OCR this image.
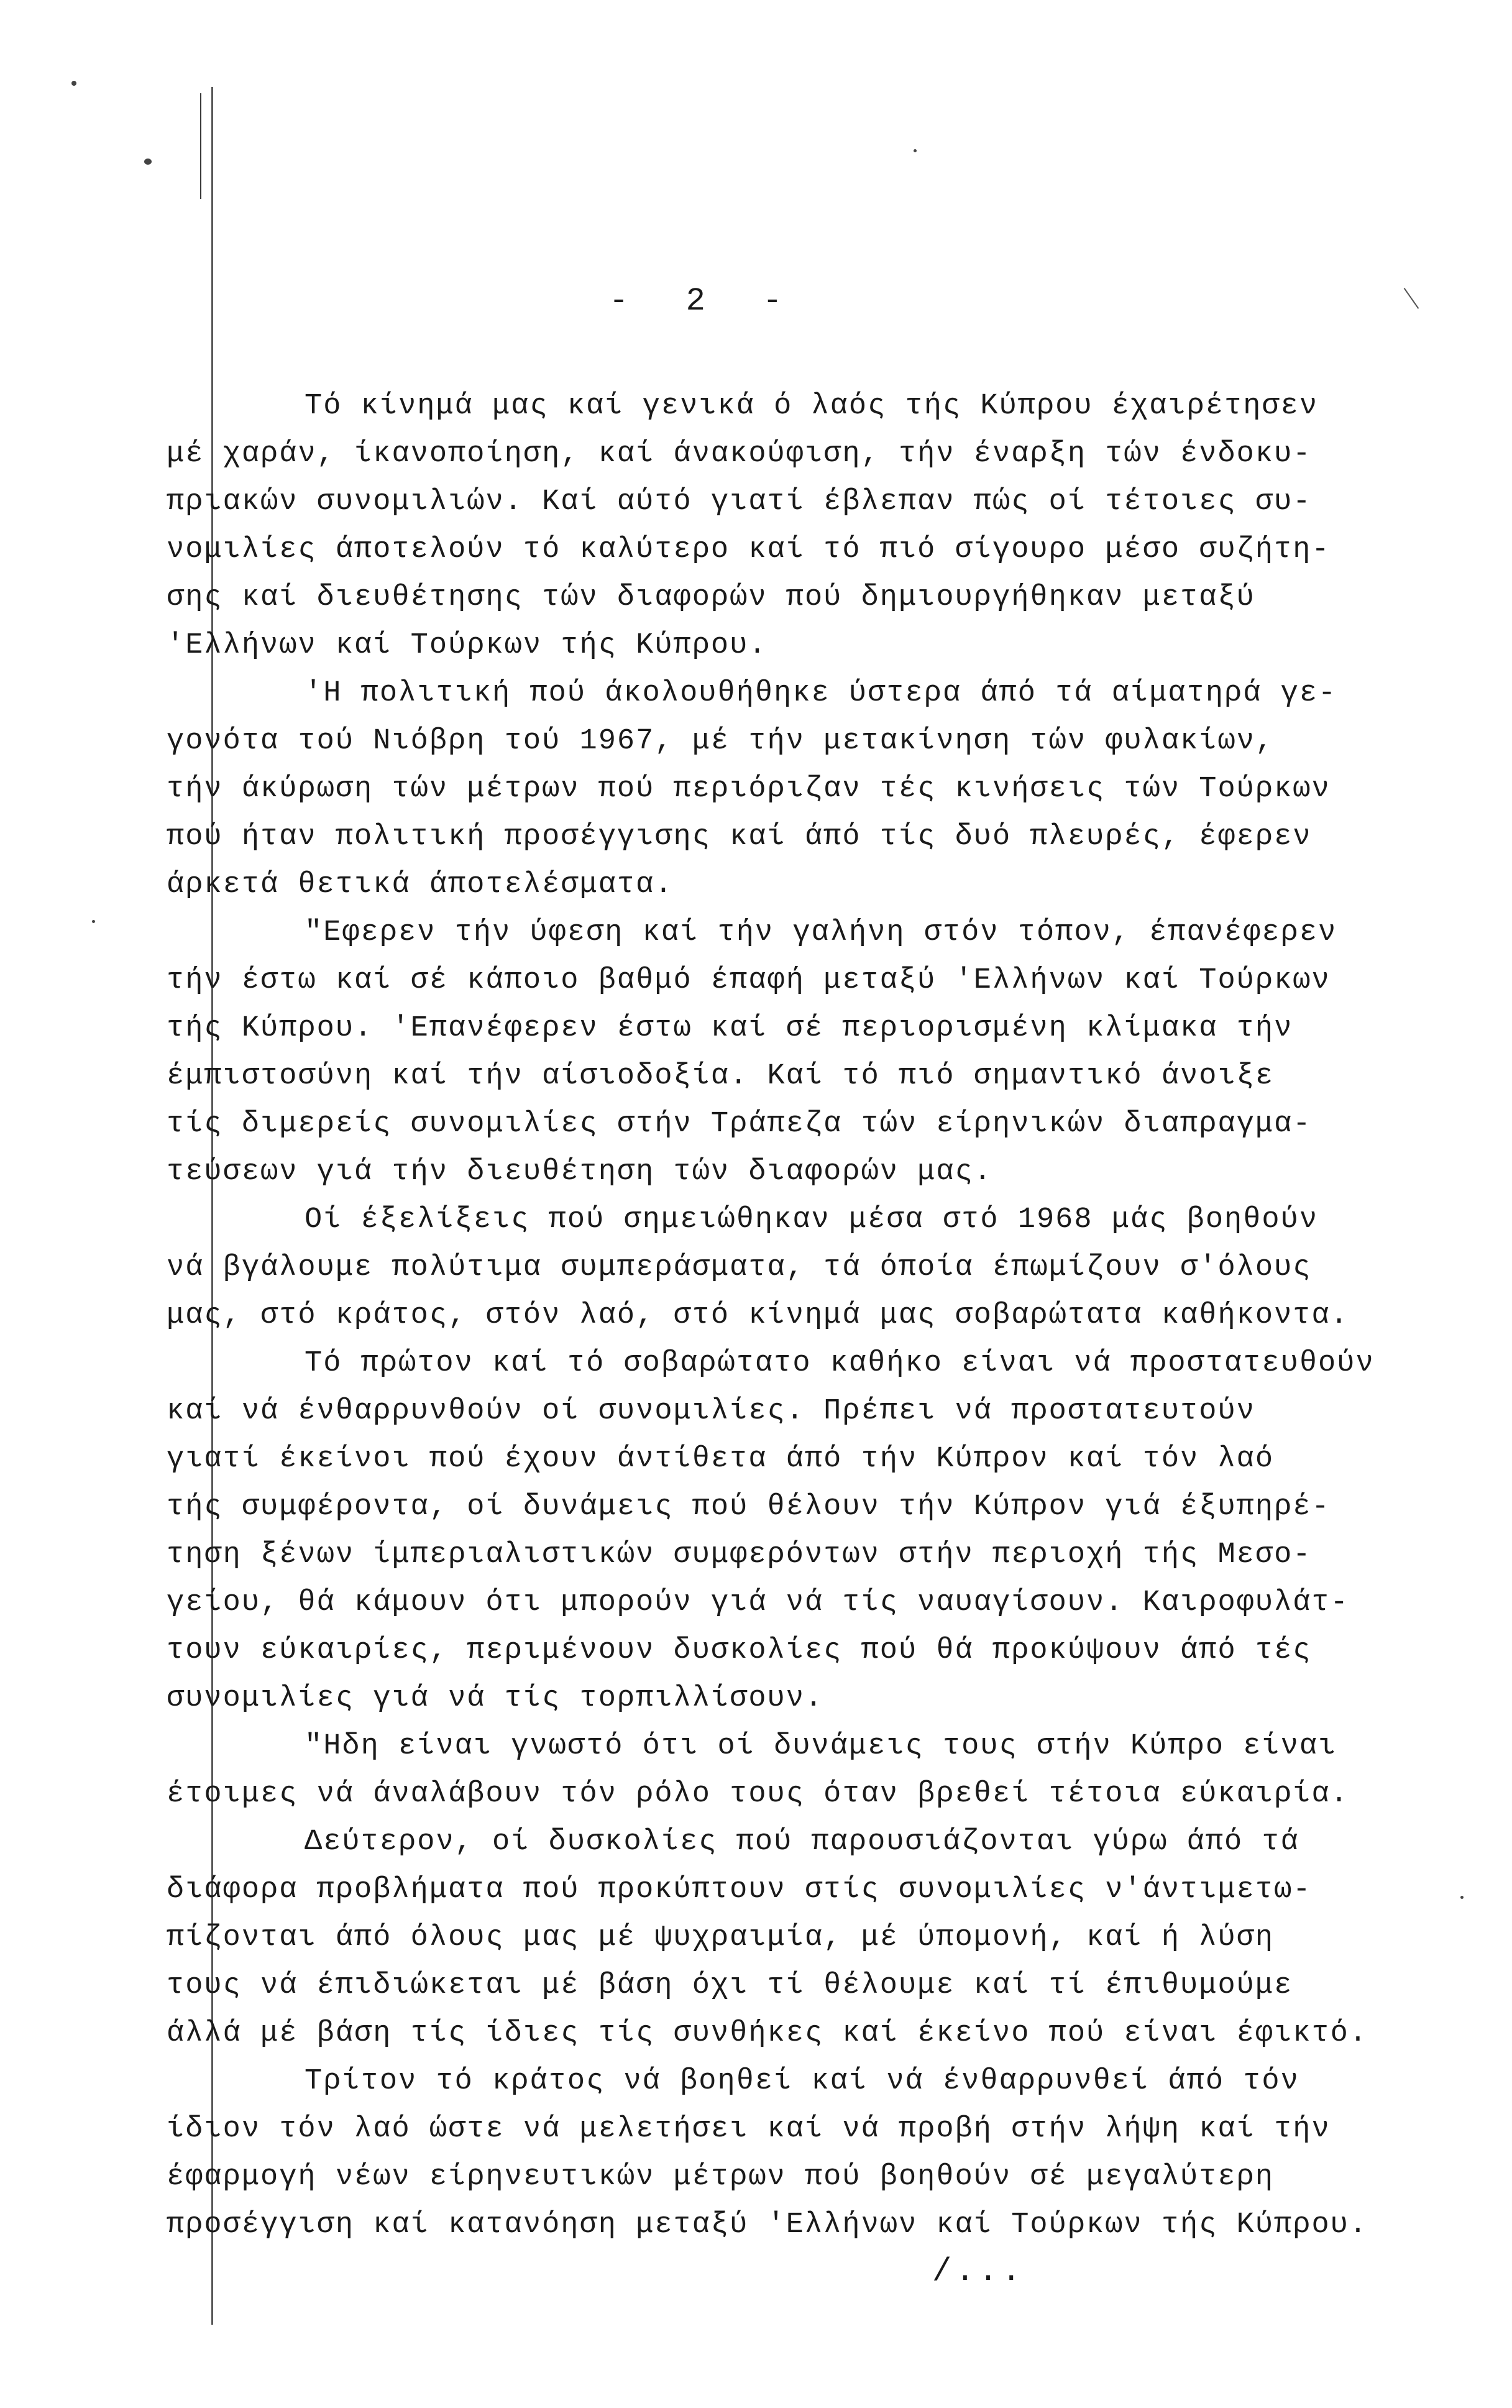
-  2  -
Τό κίνημά μας καί γενικά ό λαός τής Κύπρου έχαιρέτησεν
μέ χαράν, ίκανοποίηση, καί άνακούφιση, τήν έναρξη τών ένδοκυ-
πριακών συνομιλιών. Καί αύτό γιατί έβλεπαν πώς οί τέτοιες συ-
νομιλίες άποτελούν τό καλύτερο καί τό πιό σίγουρο μέσο συζήτη-
σης καί διευθέτησης τών διαφορών πού δημιουργήθηκαν μεταξύ
'Ελλήνων καί Τούρκων τής Κύπρου.
'Η πολιτική πού άκολουθήθηκε ύστερα άπό τά αίματηρά γε-
γονότα τού Νιόβρη τού 1967, μέ τήν μετακίνηση τών φυλακίων,
τήν άκύρωση τών μέτρων πού περιόριζαν τές κινήσεις τών Τούρκων
πού ήταν πολιτική προσέγγισης καί άπό τίς δυό πλευρές, έφερεν
άρκετά θετικά άποτελέσματα.
"Εφερεν τήν ύφεση καί τήν γαλήνη στόν τόπον, έπανέφερεν
τήν έστω καί σέ κάποιο βαθμό έπαφή μεταξύ 'Ελλήνων καί Τούρκων
τής Κύπρου. 'Επανέφερεν έστω καί σέ περιορισμένη κλίμακα τήν
έμπιστοσύνη καί τήν αίσιοδοξία. Καί τό πιό σημαντικό άνοιξε
τίς διμερείς συνομιλίες στήν Τράπεζα τών είρηνικών διαπραγμα-
τεύσεων γιά τήν διευθέτηση τών διαφορών μας.
Οί έξελίξεις πού σημειώθηκαν μέσα στό 1968 μάς βοηθούν
νά βγάλουμε πολύτιμα συμπεράσματα, τά όποία έπωμίζουν σ'όλους
μας, στό κράτος, στόν λαό, στό κίνημά μας σοβαρώτατα καθήκοντα.
Τό πρώτον καί τό σοβαρώτατο καθήκο είναι νά προστατευθούν
καί νά ένθαρρυνθούν οί συνομιλίες. Πρέπει νά προστατευτούν
γιατί έκείνοι πού έχουν άντίθετα άπό τήν Κύπρον καί τόν λαό
τής συμφέροντα, οί δυνάμεις πού θέλουν τήν Κύπρον γιά έξυπηρέ-
τηση ξένων ίμπεριαλιστικών συμφερόντων στήν περιοχή τής Μεσο-
γείου, θά κάμουν ότι μπορούν γιά νά τίς ναυαγίσουν. Καιροφυλάτ-
τουν εύκαιρίες, περιμένουν δυσκολίες πού θά προκύψουν άπό τές
συνομιλίες γιά νά τίς τορπιλλίσουν.
"Ηδη είναι γνωστό ότι οί δυνάμεις τους στήν Κύπρο είναι
έτοιμες νά άναλάβουν τόν ρόλο τους όταν βρεθεί τέτοια εύκαιρία.
Δεύτερον, οί δυσκολίες πού παρουσιάζονται γύρω άπό τά
διάφορα προβλήματα πού προκύπτουν στίς συνομιλίες ν'άντιμετω-
πίζονται άπό όλους μας μέ ψυχραιμία, μέ ύπομονή, καί ή λύση
τους νά έπιδιώκεται μέ βάση όχι τί θέλουμε καί τί έπιθυμούμε
άλλά μέ βάση τίς ίδιες τίς συνθήκες καί έκείνο πού είναι έφικτό.
Τρίτον τό κράτος νά βοηθεί καί νά ένθαρρυνθεί άπό τόν
ίδιον τόν λαό ώστε νά μελετήσει καί νά προβή στήν λήψη καί τήν
έφαρμογή νέων είρηνευτικών μέτρων πού βοηθούν σέ μεγαλύτερη
προσέγγιση καί κατανόηση μεταξύ 'Ελλήνων καί Τούρκων τής Κύπρου.
/...
